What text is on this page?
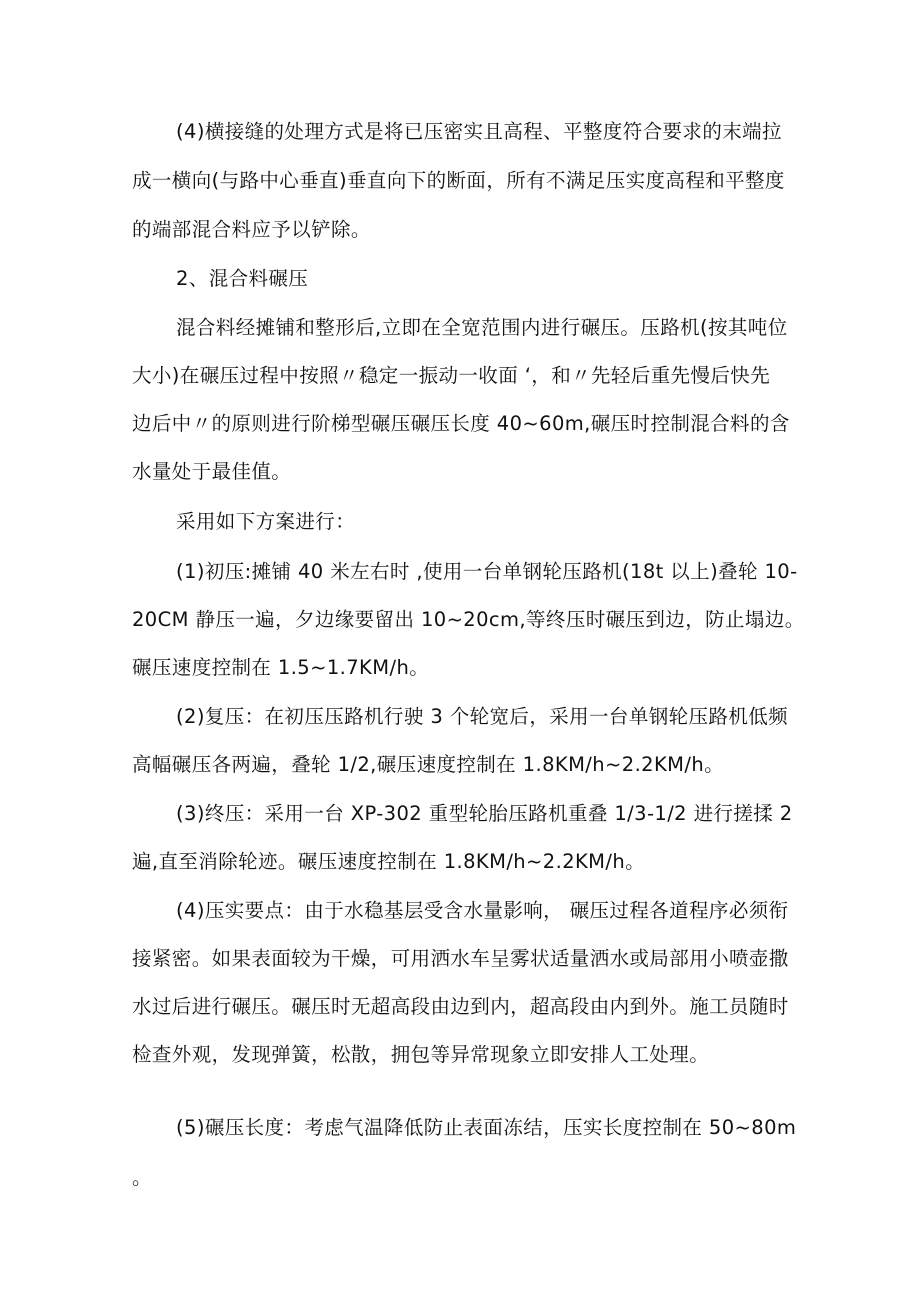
(4)横接缝的处理方式是将已压密实且高程、平整度符合要求的末端拉
成一横向(与路中心垂直)垂直向下的断面，所有不满足压实度高程和平整度
的端部混合料应予以铲除。
2、混合料碾压
混合料经摊铺和整形后,立即在全宽范围内进行碾压。压路机(按其吨位
大小)在碾压过程中按照〃稳定一振动一收面 ‘，和〃先轻后重先慢后快先
边后中〃的原则进行阶梯型碾压碾压长度 40~60m,碾压时控制混合料的含
水量处于最佳值。
采用如下方案进行：
(1)初压:摊铺 40 米左右时 ,使用一台单钢轮压路机(18t 以上)叠轮 10-
20CM 静压一遍，夕边缘要留出 10~20cm,等终压时碾压到边，防止塌边。
碾压速度控制在 1.5~1.7KM∕h。
(2)复压：在初压压路机行驶 3 个轮宽后，采用一台单钢轮压路机低频
高幅碾压各两遍，叠轮 1/2,碾压速度控制在 1.8KM∕h~2.2KM∕h。
(3)终压：采用一台 XP-302 重型轮胎压路机重叠 1/3-1/2 进行搓揉 2
遍,直至消除轮迹。碾压速度控制在 1.8KM∕h~2.2KM∕h。
(4)压实要点：由于水稳基层受含水量影响， 碾压过程各道程序必须衔
接紧密。如果表面较为干燥，可用洒水车呈雾状适量洒水或局部用小喷壶撒
水过后进行碾压。碾压时无超高段由边到内，超高段由内到外。施工员随时
检查外观，发现弹簧，松散，拥包等异常现象立即安排人工处理。
(5)碾压长度：考虑气温降低防止表面冻结，压实长度控制在 50~80m
。
